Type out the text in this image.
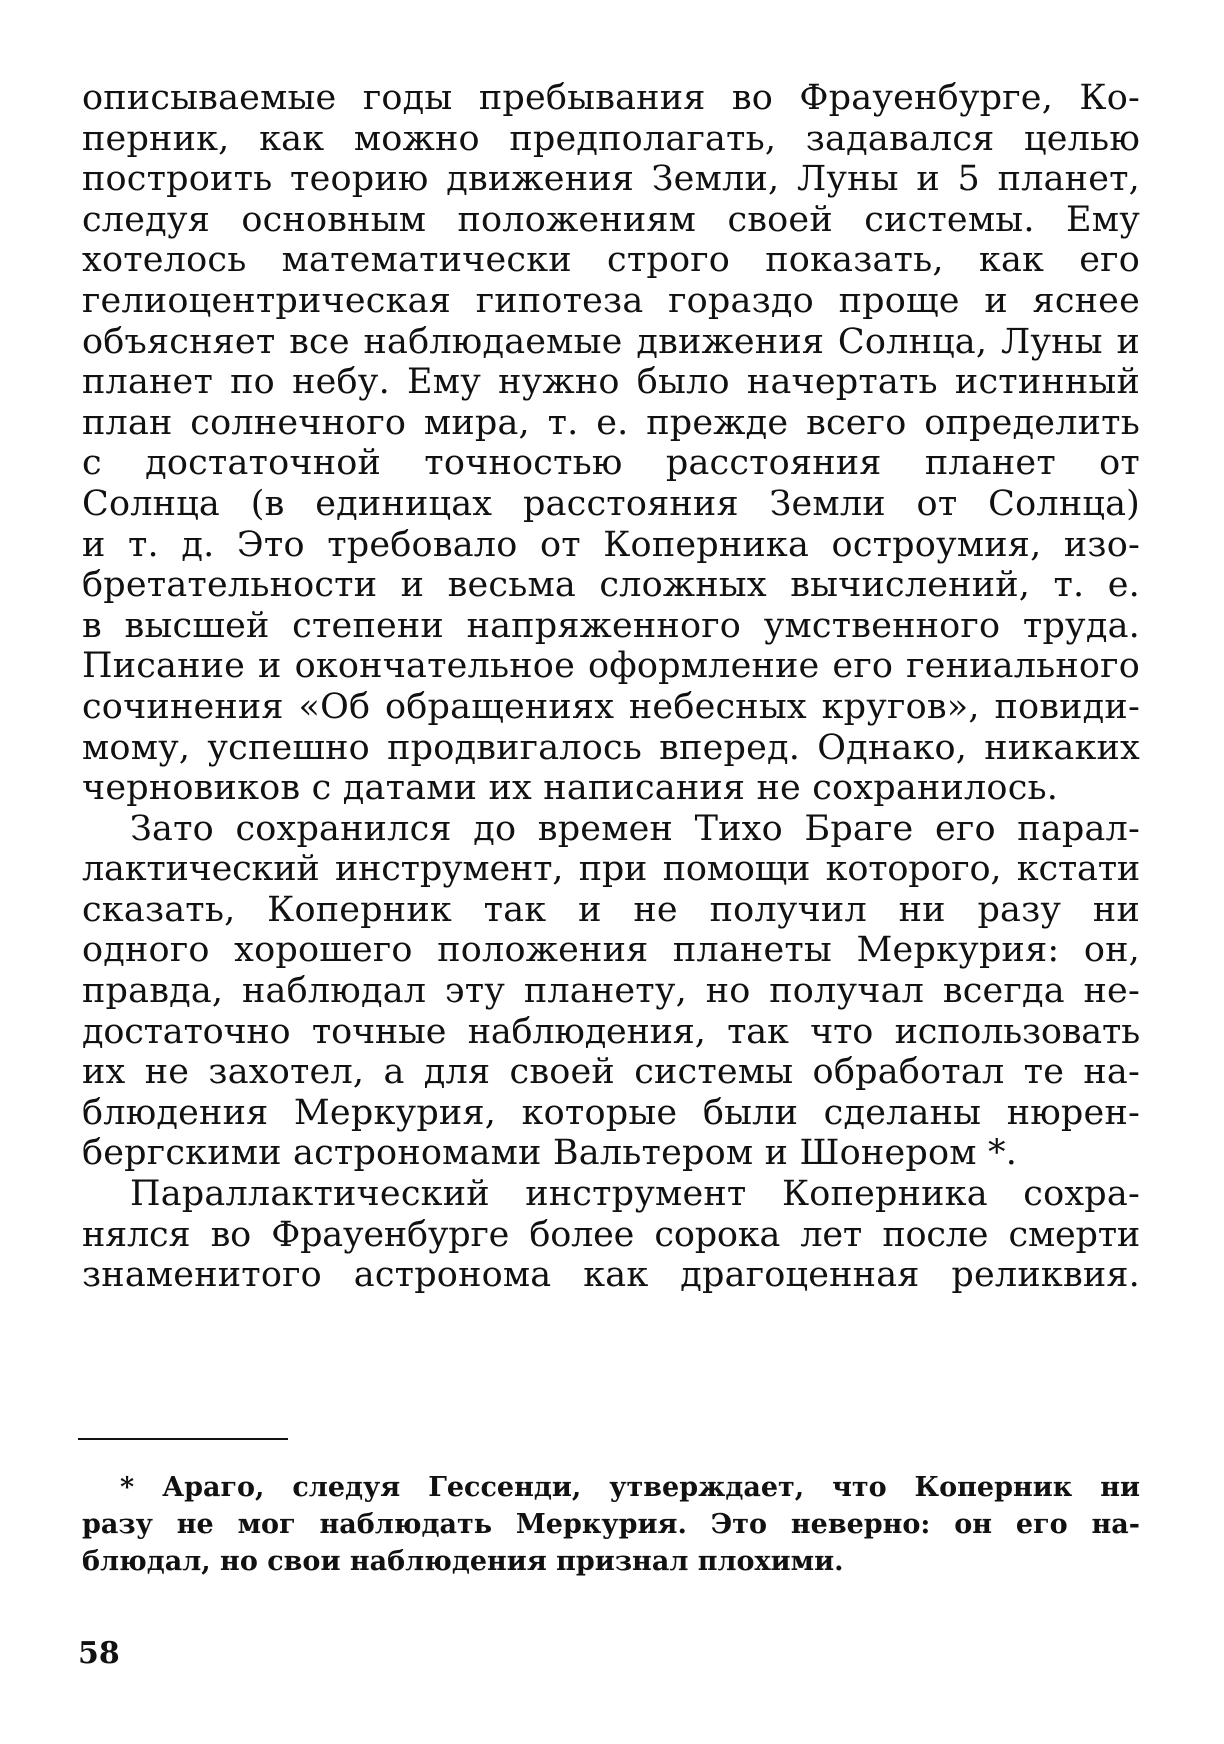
описываемые годы пребывания во Фрауенбурге, Ко-
перник, как можно предполагать, задавался целью
построить теорию движения Земли, Луны и 5 планет,
следуя основным положениям своей системы. Ему
хотелось математически строго показать, как его
гелиоцентрическая гипотеза гораздо проще и яснее
объясняет все наблюдаемые движения Солнца, Луны и
планет по небу. Ему нужно было начертать истинный
план солнечного мира, т. е. прежде всего определить
с достаточной точностью расстояния планет от
Солнца (в единицах расстояния Земли от Солнца)
и т. д. Это требовало от Коперника остроумия, изо-
бретательности и весьма сложных вычислений, т. е.
в высшей степени напряженного умственного труда.
Писание и окончательное оформление его гениального
сочинения «Об обращениях небесных кругов», повиди-
мому, успешно продвигалось вперед. Однако, никаких
черновиков с датами их написания не сохранилось.
Зато сохранился до времен Тихо Браге его парал-
лактический инструмент, при помощи которого, кстати
сказать, Коперник так и не получил ни разу ни
одного хорошего положения планеты Меркурия: он,
правда, наблюдал эту планету, но получал всегда не-
достаточно точные наблюдения, так что использовать
их не захотел, а для своей системы обработал те на-
блюдения Меркурия, которые были сделаны нюрен-
бергскими астрономами Вальтером и Шонером *.
Параллактический инструмент Коперника сохра-
нялся во Фрауенбурге более сорока лет после смерти
знаменитого астронома как драгоценная реликвия.
* Араго, следуя Гессенди, утверждает, что Коперник ни
разу не мог наблюдать Меркурия. Это неверно: он его на-
блюдал, но свои наблюдения признал плохими.
58
